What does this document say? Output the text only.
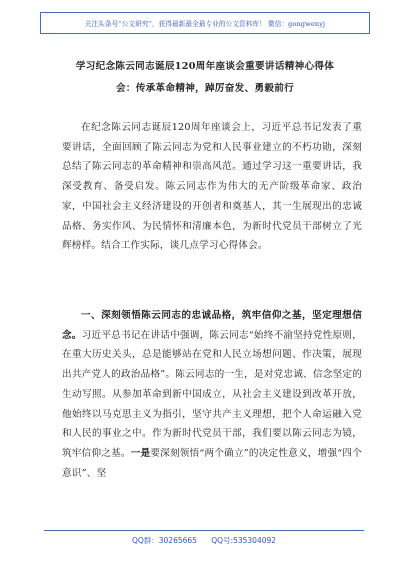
关注头条号“公文研究”，获得最新最全最专业的公文资料库！ 微信：gongwenyj
学习纪念陈云同志诞辰120周年座谈会重要讲话精神心得体
会：传承革命精神，踔厉奋发、勇毅前行

在纪念陈云同志诞辰120周年座谈会上，习近平总书记发表了重要讲话，全面回顾了陈云同志为党和人民事业建立的不朽功勋，深刻总结了陈云同志的革命精神和崇高风范。通过学习这一重要讲话，我深受教育、备受启发。陈云同志作为伟大的无产阶级革命家、政治家，中国社会主义经济建设的开创者和奠基人，其一生展现出的忠诚品格、务实作风、为民情怀和清廉本色，为新时代党员干部树立了光辉榜样。结合工作实际，谈几点学习心得体会。

一、深刻领悟陈云同志的忠诚品格，筑牢信仰之基，坚定理想信念。习近平总书记在讲话中强调，陈云同志“始终不渝坚持党性原则，在重大历史关头，总是能够站在党和人民立场想问题、作决策，展现出共产党人的政治品格”。陈云同志的一生，是对党忠诚、信念坚定的生动写照。从参加革命到新中国成立，从社会主义建设到改革开放，他始终以马克思主义为指引，坚守共产主义理想，把个人命运融入党和人民的事业之中。作为新时代党员干部，我们要以陈云同志为镜，筑牢信仰之基。一是要深刻领悟“两个确立”的决定性意义，增强“四个意识”、坚

QQ群：30265665 QQ号:535304092
